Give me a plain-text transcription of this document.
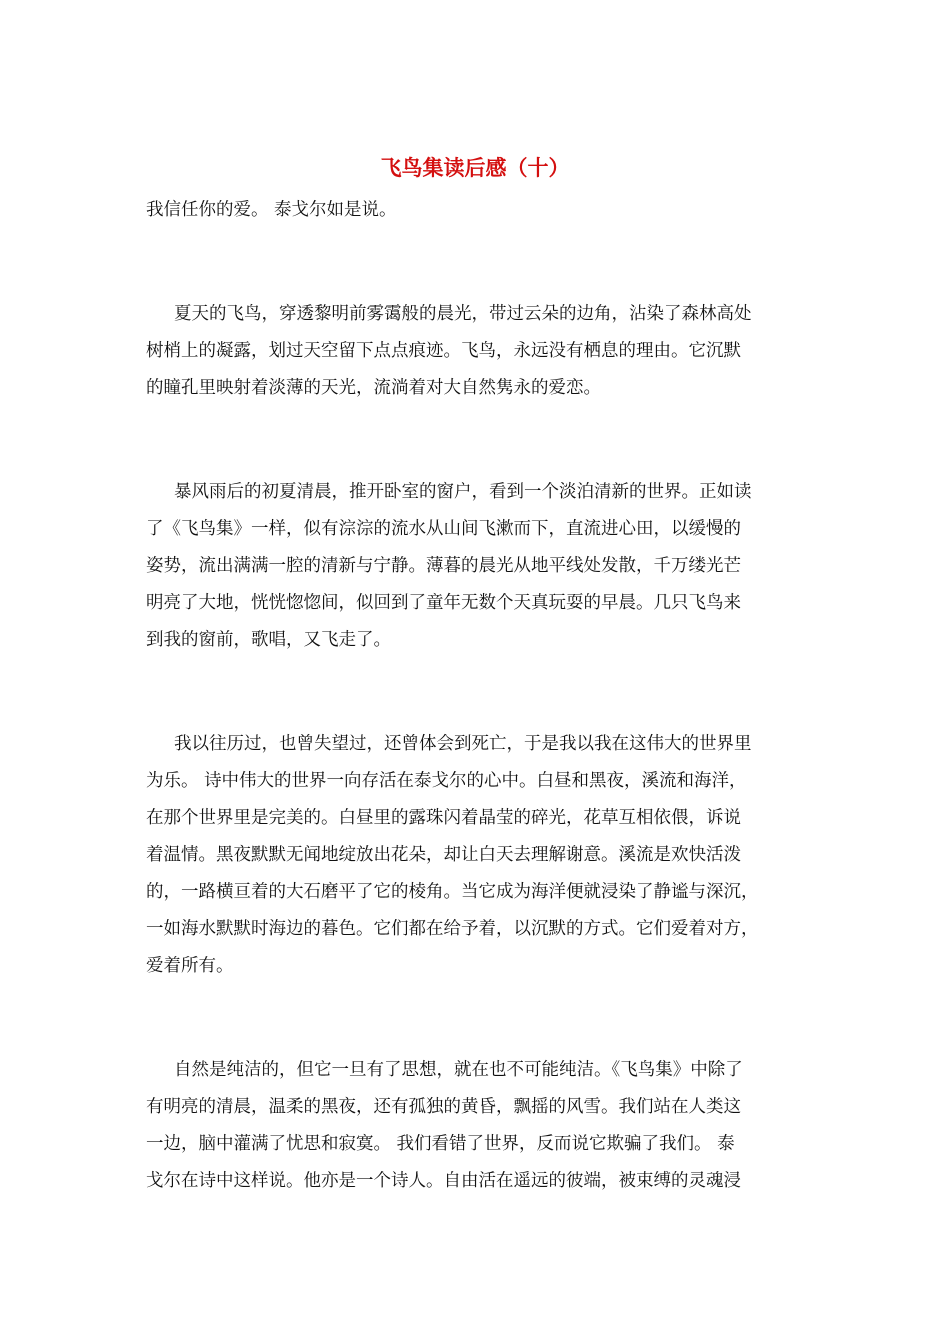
飞鸟集读后感（十）

我信任你的爱。 泰戈尔如是说。

夏天的飞鸟，穿透黎明前雾霭般的晨光，带过云朵的边角，沾染了森林高处

树梢上的凝露，划过天空留下点点痕迹。飞鸟，永远没有栖息的理由。它沉默

的瞳孔里映射着淡薄的天光，流淌着对大自然隽永的爱恋。

暴风雨后的初夏清晨，推开卧室的窗户，看到一个淡泊清新的世界。正如读

了《飞鸟集》一样，似有淙淙的流水从山间飞漱而下，直流进心田，以缓慢的

姿势，流出满满一腔的清新与宁静。薄暮的晨光从地平线处发散，千万缕光芒

明亮了大地，恍恍惚惚间，似回到了童年无数个天真玩耍的早晨。几只飞鸟来

到我的窗前，歌唱，又飞走了。

我以往历过，也曾失望过，还曾体会到死亡，于是我以我在这伟大的世界里

为乐。 诗中伟大的世界一向存活在泰戈尔的心中。白昼和黑夜，溪流和海洋，

在那个世界里是完美的。白昼里的露珠闪着晶莹的碎光，花草互相依偎，诉说

着温情。黑夜默默无闻地绽放出花朵，却让白天去理解谢意。溪流是欢快活泼

的，一路横亘着的大石磨平了它的棱角。当它成为海洋便就浸染了静谧与深沉，

一如海水默默时海边的暮色。它们都在给予着，以沉默的方式。它们爱着对方，

爱着所有。

自然是纯洁的，但它一旦有了思想，就在也不可能纯洁。《飞鸟集》中除了

有明亮的清晨，温柔的黑夜，还有孤独的黄昏，飘摇的风雪。我们站在人类这

一边，脑中灌满了忧思和寂寞。 我们看错了世界，反而说它欺骗了我们。 泰

戈尔在诗中这样说。他亦是一个诗人。自由活在遥远的彼端，被束缚的灵魂浸
